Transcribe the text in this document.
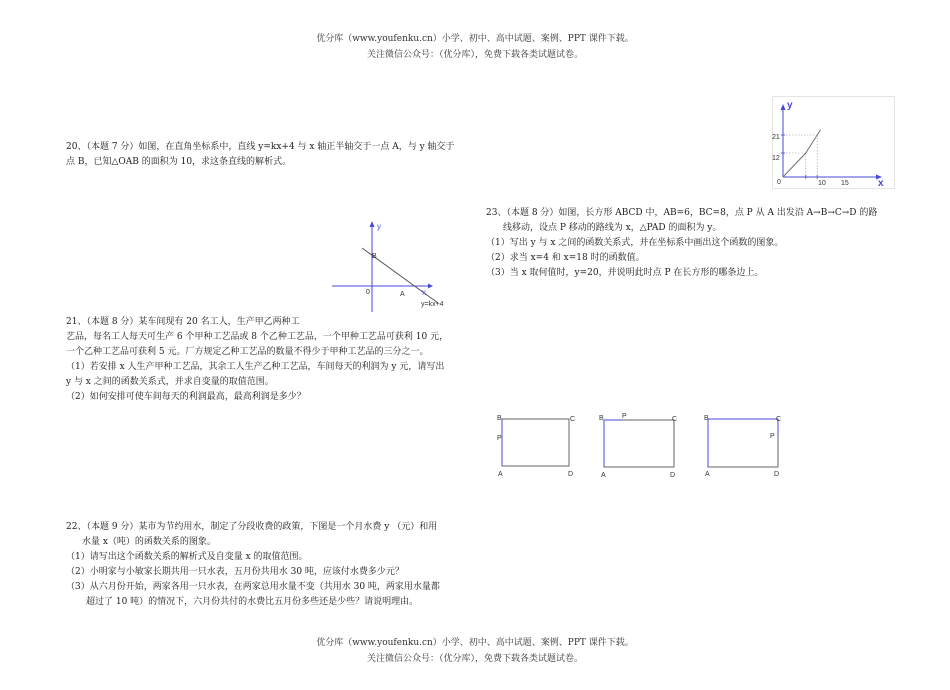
优分库（www.youfenku.cn）小学、初中、高中试题、案例、PPT 课件下载。
关注微信公众号：（优分库），免费下载各类试题试卷。
20、（本题 7 分）如图，在直角坐标系中，直线 y=kx+4 与 x 轴正半轴交于一点 A，与 y 轴交于
点 B，已知△OAB 的面积为 10，求这条直线的解析式。
y
x
0	A
B
y=kx+4
21、（本题 8 分）某车间现有 20 名工人，生产甲乙两种工
艺品，每名工人每天可生产 6 个甲种工艺品或 8 个乙种工艺品，一个甲种工艺品可获利 10 元，
一个乙种工艺品可获利 5 元。厂方规定乙种工艺品的数量不得少于甲种工艺品的三分之一。
（1）若安排 x 人生产甲种工艺品，其余工人生产乙种工艺品，车间每天的利润为 y 元，请写出
y 与 x 之间的函数关系式，并求自变量的取值范围。
（2）如何安排可使车间每天的利润最高，最高利润是多少？
22、（本题 9 分）某市为节约用水，制定了分段收费的政策，下图是一个月水费 y （元）和用
水量 x（吨）的函数关系的图象。
（1）请写出这个函数关系的解析式及自变量 x 的取值范围。
（2）小明家与小敏家长期共用一只水表，五月份共用水 30 吨，应该付水费多少元？
（3）从六月份开始，两家各用一只水表，在两家总用水量不变（共用水 30 吨，两家用水量都
超过了 10 吨）的情况下，六月份共付的水费比五月份多些还是少些？请说明理由。
y
x
0
21
12
10 15
23、（本题 8 分）如图，长方形 ABCD 中，AB=6，BC=8，点 P 从 A 出发沿 A→B→C→D 的路
线移动，设点 P 移动的路线为 x，△PAD 的面积为 y。
（1）写出 y 与 x 之间的函数关系式，并在坐标系中画出这个函数的图象。
（2）求当 x=4 和 x=18 时的函数值。
（3）当 x 取何值时，y=20，并说明此时点 P 在长方形的哪条边上。
B	C
A	D
P
B	P	C
A	D
B	C
P
A	D
优分库（www.youfenku.cn）小学、初中、高中试题、案例、PPT 课件下载。
关注微信公众号：（优分库），免费下载各类试题试卷。
